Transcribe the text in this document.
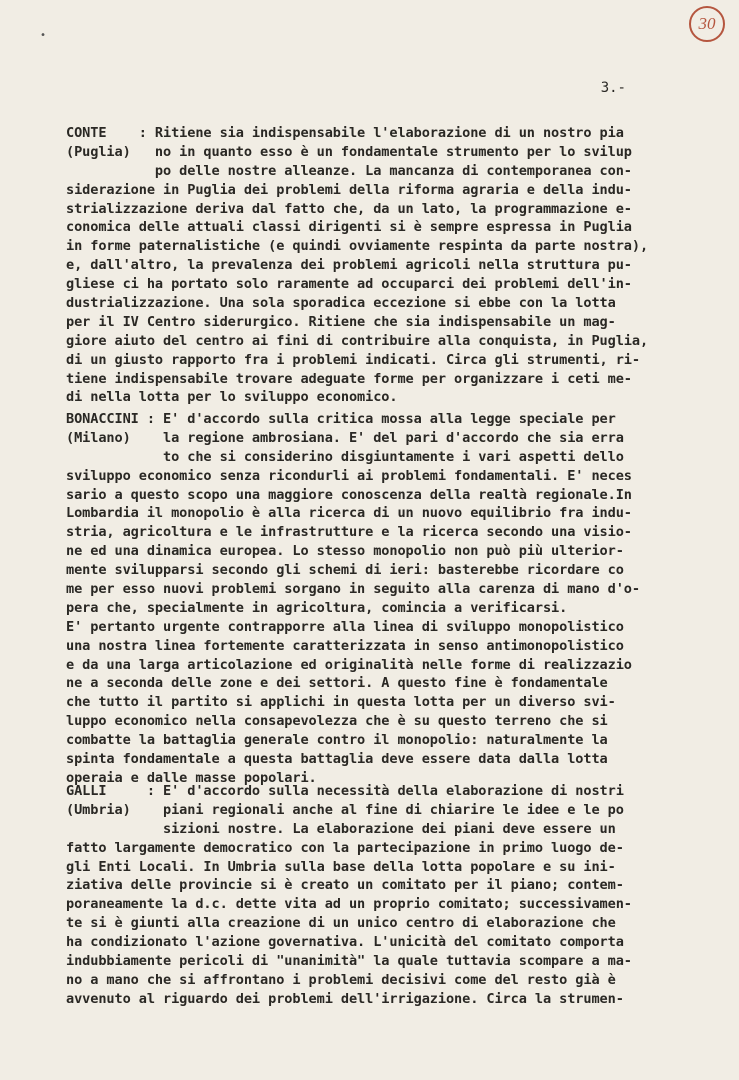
30
•
3.-
CONTE    : Ritiene sia indispensabile l'elaborazione di un nostro pia
(Puglia)   no in quanto esso è un fondamentale strumento per lo svilup
po delle nostre alleanze. La mancanza di contemporanea con-
siderazione in Puglia dei problemi della riforma agraria e della indu-
strializzazione deriva dal fatto che, da un lato, la programmazione e-
conomica delle attuali classi dirigenti si è sempre espressa in Puglia
in forme paternalistiche (e quindi ovviamente respinta da parte nostra),
e, dall'altro, la prevalenza dei problemi agricoli nella struttura pu-
gliese ci ha portato solo raramente ad occuparci dei problemi dell'in-
dustrializzazione. Una sola sporadica eccezione si ebbe con la lotta
per il IV Centro siderurgico. Ritiene che sia indispensabile un mag-
giore aiuto del centro ai fini di contribuire alla conquista, in Puglia,
di un giusto rapporto fra i problemi indicati. Circa gli strumenti, ri-
tiene indispensabile trovare adeguate forme per organizzare i ceti me-
di nella lotta per lo sviluppo economico.
BONACCINI : E' d'accordo sulla critica mossa alla legge speciale per
(Milano)    la regione ambrosiana. E' del pari d'accordo che sia erra
to che si considerino disgiuntamente i vari aspetti dello
sviluppo economico senza ricondurli ai problemi fondamentali. E' neces
sario a questo scopo una maggiore conoscenza della realtà regionale.In
Lombardia il monopolio è alla ricerca di un nuovo equilibrio fra indu-
stria, agricoltura e le infrastrutture e la ricerca secondo una visio-
ne ed una dinamica europea. Lo stesso monopolio non può più ulterior-
mente svilupparsi secondo gli schemi di ieri: basterebbe ricordare co
me per esso nuovi problemi sorgano in seguito alla carenza di mano d'o-
pera che, specialmente in agricoltura, comincia a verificarsi.
E' pertanto urgente contrapporre alla linea di sviluppo monopolistico
una nostra linea fortemente caratterizzata in senso antimonopolistico
e da una larga articolazione ed originalità nelle forme di realizzazio
ne a seconda delle zone e dei settori. A questo fine è fondamentale
che tutto il partito si applichi in questa lotta per un diverso svi-
luppo economico nella consapevolezza che è su questo terreno che si
combatte la battaglia generale contro il monopolio: naturalmente la
spinta fondamentale a questa battaglia deve essere data dalla lotta
operaia e dalle masse popolari.
GALLI     : E' d'accordo sulla necessità della elaborazione di nostri
(Umbria)    piani regionali anche al fine di chiarire le idee e le po
sizioni nostre. La elaborazione dei piani deve essere un
fatto largamente democratico con la partecipazione in primo luogo de-
gli Enti Locali. In Umbria sulla base della lotta popolare e su ini-
ziativa delle provincie si è creato un comitato per il piano; contem-
poraneamente la d.c. dette vita ad un proprio comitato; successivamen-
te si è giunti alla creazione di un unico centro di elaborazione che
ha condizionato l'azione governativa. L'unicità del comitato comporta
indubbiamente pericoli di "unanimità" la quale tuttavia scompare a ma-
no a mano che si affrontano i problemi decisivi come del resto già è
avvenuto al riguardo dei problemi dell'irrigazione. Circa la strumen-
